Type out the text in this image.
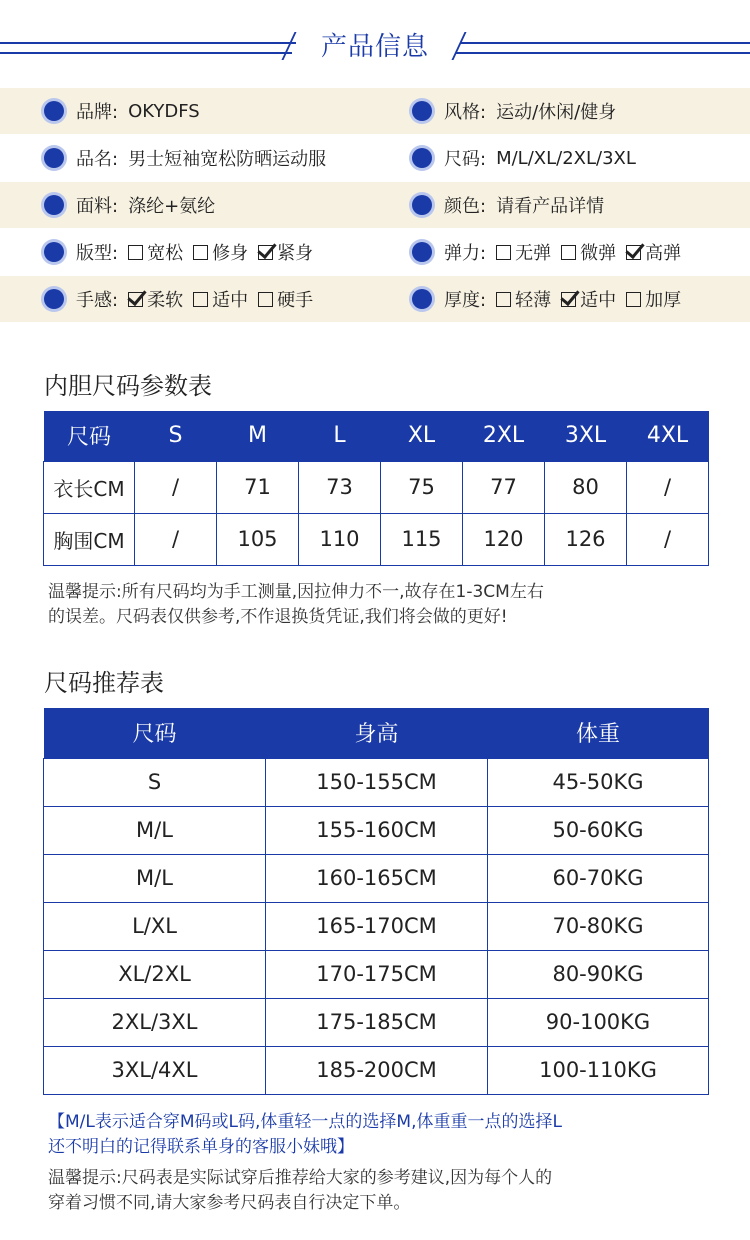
产品信息
品牌: OKYDFS	风格: 运动/休闲/健身
品名: 男士短袖宽松防晒运动服	尺码: M/L/XL/2XL/3XL
面料: 涤纶+氨纶	颜色: 请看产品详情
版型: 宽松 修身 紧身	弹力: 无弹 微弹 高弹
手感: 柔软 适中 硬手	厚度: 轻薄 适中 加厚
内胆尺码参数表
尺码	S	M	L	XL	2XL	3XL	4XL
衣长CM	/	71	73	75	77	80	/
胸围CM	/	105	110	115	120	126	/
温馨提示:所有尺码均为手工测量,因拉伸力不一,故存在1-3CM左右
的误差。尺码表仅供参考,不作退换货凭证,我们将会做的更好!
尺码推荐表
尺码	身高	体重
S	150-155CM	45-50KG
M/L	155-160CM	50-60KG
M/L	160-165CM	60-70KG
L/XL	165-170CM	70-80KG
XL/2XL	170-175CM	80-90KG
2XL/3XL	175-185CM	90-100KG
3XL/4XL	185-200CM	100-110KG
【M/L表示适合穿M码或L码,体重轻一点的选择M,体重重一点的选择L
还不明白的记得联系单身的客服小妹哦】
温馨提示:尺码表是实际试穿后推荐给大家的参考建议,因为每个人的
穿着习惯不同,请大家参考尺码表自行决定下单。
